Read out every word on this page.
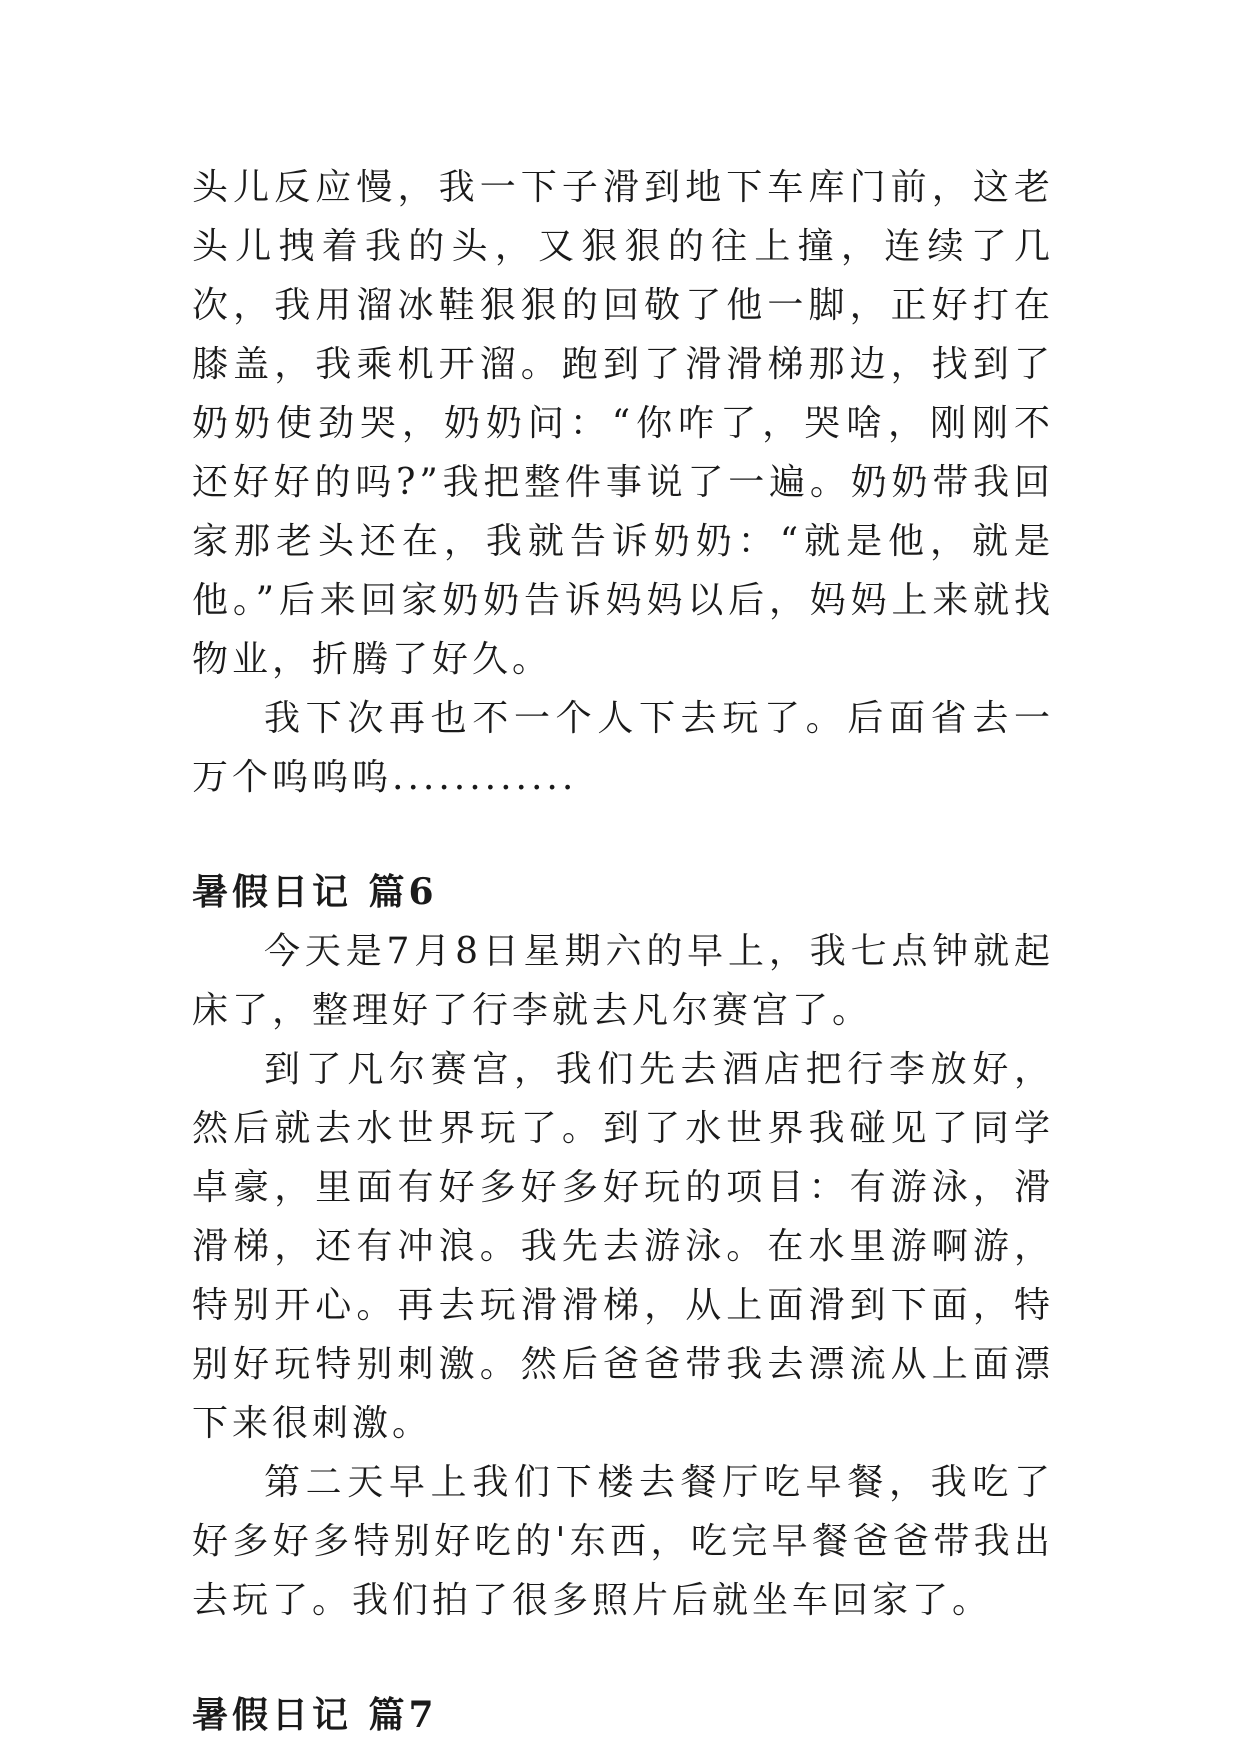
头儿反应慢，我一下子滑到地下车库门前，这老头儿拽着我的头，又狠狠的往上撞，连续了几次，我用溜冰鞋狠狠的回敬了他一脚，正好打在膝盖，我乘机开溜。跑到了滑滑梯那边，找到了奶奶使劲哭，奶奶问：“你咋了，哭啥，刚刚不还好好的吗?”我把整件事说了一遍。奶奶带我回家那老头还在，我就告诉奶奶：“就是他，就是他。”后来回家奶奶告诉妈妈以后，妈妈上来就找物业，折腾了好久。

我下次再也不一个人下去玩了。后面省去一万个呜呜呜............

暑假日记 篇6

今天是7月8日星期六的早上，我七点钟就起床了，整理好了行李就去凡尔赛宫了。

到了凡尔赛宫，我们先去酒店把行李放好，然后就去水世界玩了。到了水世界我碰见了同学卓豪，里面有好多好多好玩的项目：有游泳，滑滑梯，还有冲浪。我先去游泳。在水里游啊游，特别开心。再去玩滑滑梯，从上面滑到下面，特别好玩特别刺激。然后爸爸带我去漂流从上面漂下来很刺激。

第二天早上我们下楼去餐厅吃早餐，我吃了好多好多特别好吃的'东西，吃完早餐爸爸带我出去玩了。我们拍了很多照片后就坐车回家了。

暑假日记 篇7
